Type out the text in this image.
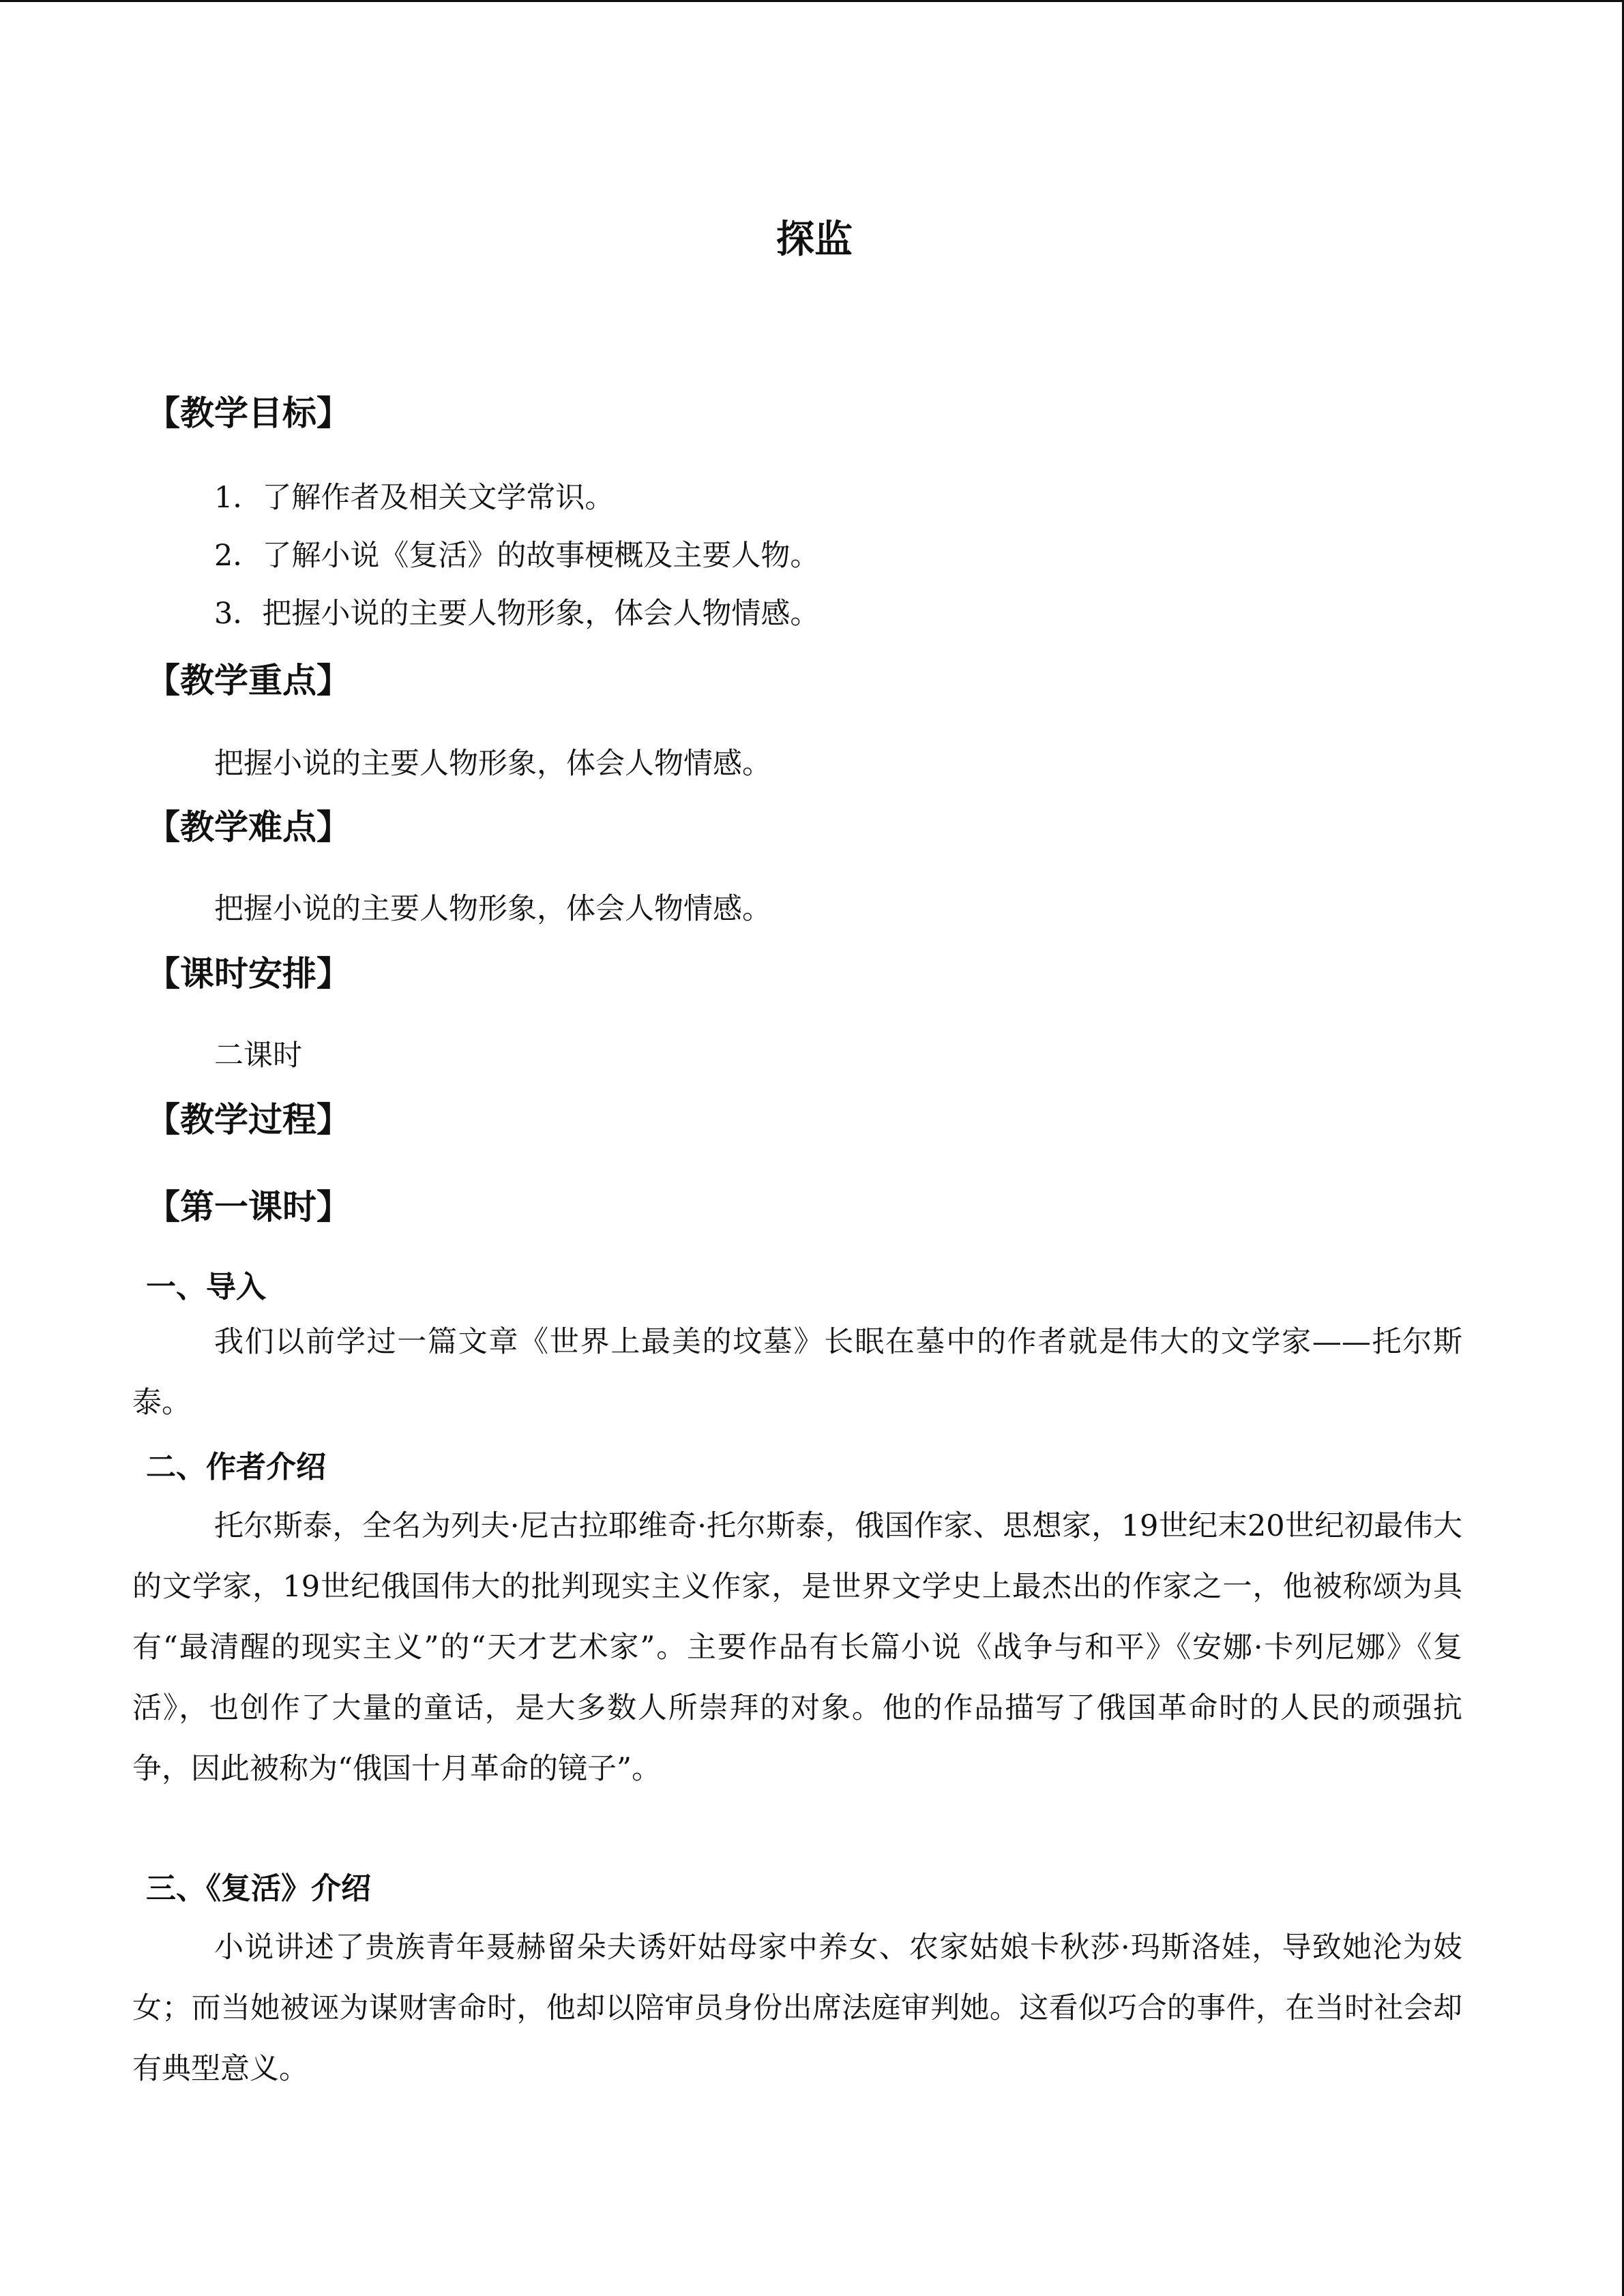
探监
【教学目标】

1．了解作者及相关文学常识。

2．了解小说《复活》的故事梗概及主要人物。

3．把握小说的主要人物形象，体会人物情感。

【教学重点】

把握小说的主要人物形象，体会人物情感。

【教学难点】

把握小说的主要人物形象，体会人物情感。

【课时安排】

二课时

【教学过程】
【第一课时】
一、导入

我们以前学过一篇文章《世界上最美的坟墓》长眠在墓中的作者就是伟大的文学家——托尔斯泰。

二、作者介绍

托尔斯泰，全名为列夫·尼古拉耶维奇·托尔斯泰，俄国作家、思想家，19世纪末20世纪初最伟大的文学家，19世纪俄国伟大的批判现实主义作家，是世界文学史上最杰出的作家之一，他被称颂为具有“最清醒的现实主义”的“天才艺术家”。主要作品有长篇小说《战争与和平》《安娜·卡列尼娜》《复活》，也创作了大量的童话，是大多数人所崇拜的对象。他的作品描写了俄国革命时的人民的顽强抗争，因此被称为“俄国十月革命的镜子”。

三、《复活》介绍

小说讲述了贵族青年聂赫留朵夫诱奸姑母家中养女、农家姑娘卡秋莎·玛斯洛娃，导致她沦为妓女；而当她被诬为谋财害命时，他却以陪审员身份出席法庭审判她。这看似巧合的事件，在当时社会却有典型意义。
